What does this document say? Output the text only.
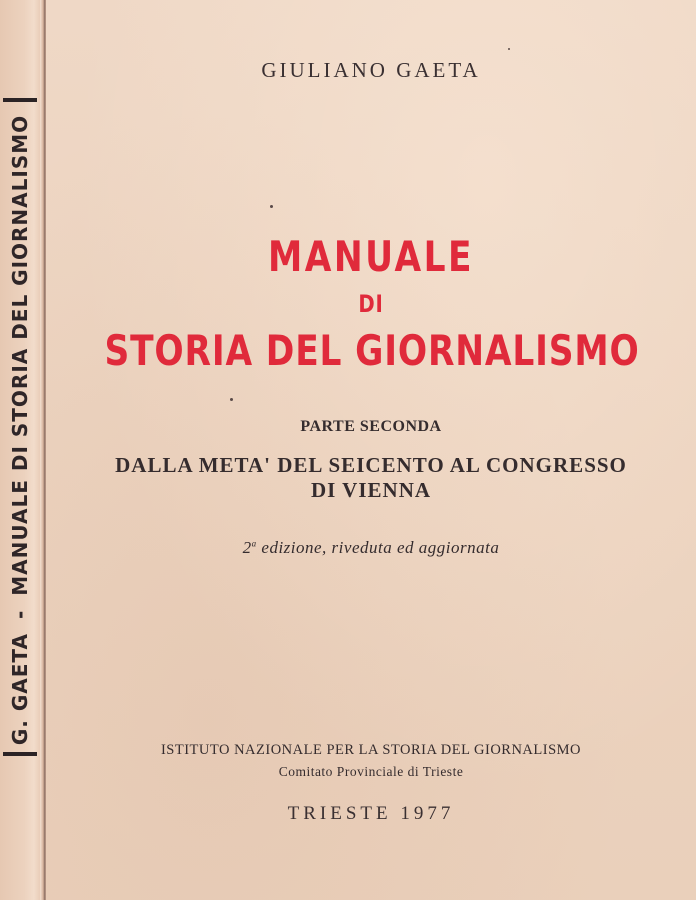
G. GAETA-MANUALE DI STORIA DEL GIORNALISMO
GIULIANO GAETA
MANUALE
DI
STORIA DEL GIORNALISMO
PARTE SECONDA
DALLA META' DEL SEICENTO AL CONGRESSO
DI VIENNA
2$^a$ edizione, riveduta ed aggiornata
ISTITUTO NAZIONALE PER LA STORIA DEL GIORNALISMO
Comitato Provinciale di Trieste
TRIESTE 1977
